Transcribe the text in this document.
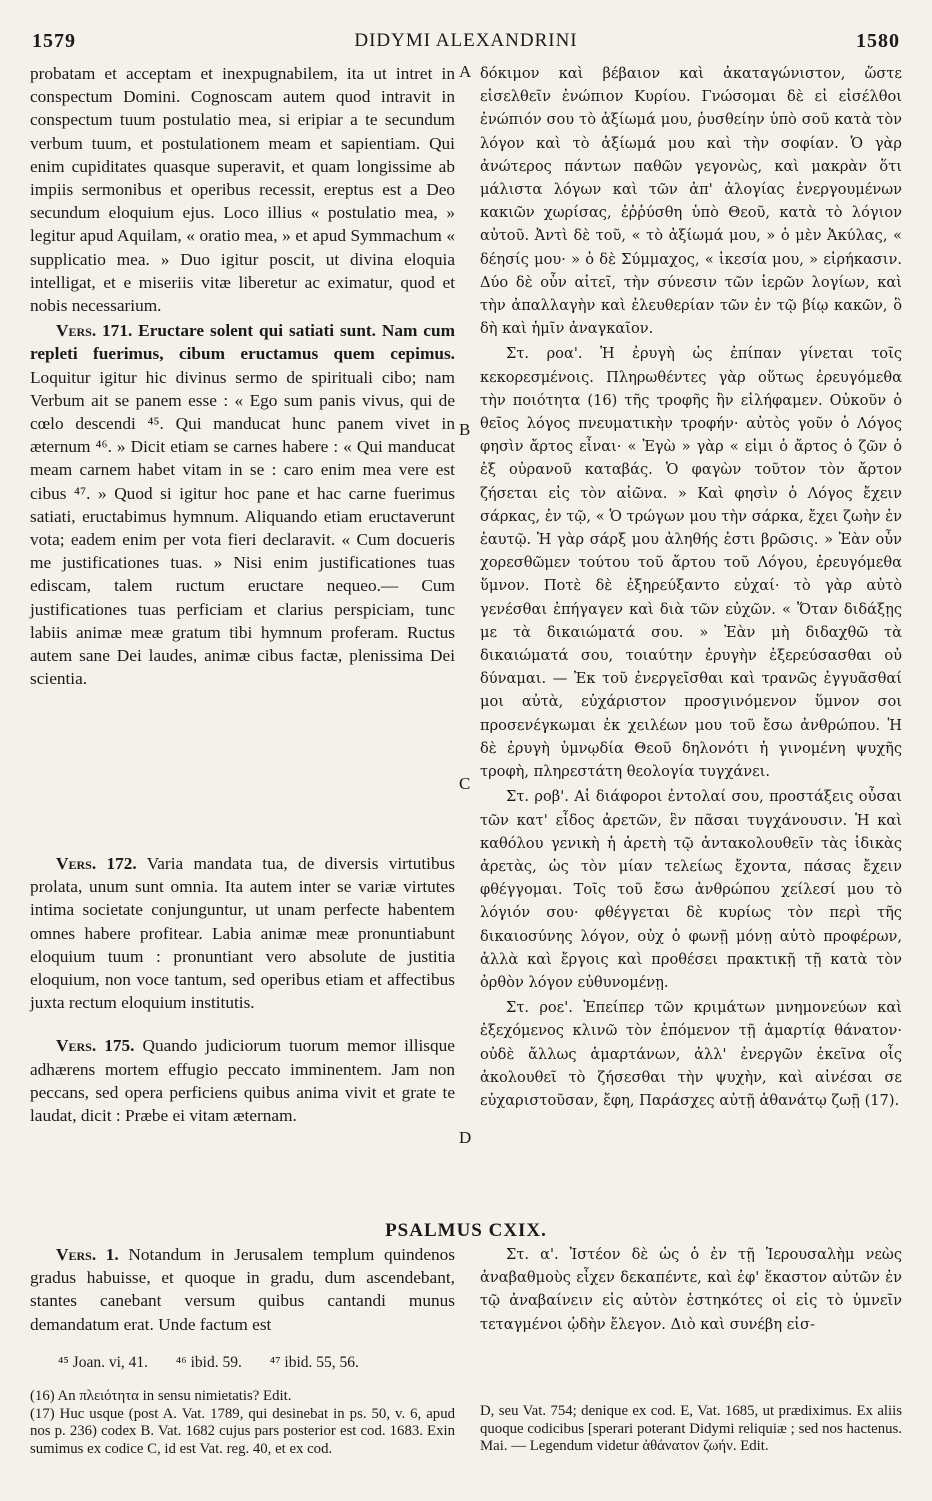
1579	DIDYMI ALEXANDRINI	1580
A
B
C
D

probatam et acceptam et inexpugnabilem, ita ut intret in conspectum Domini. Cognoscam autem quod intravit in conspectum tuum postulatio mea, si eripiar a te secundum verbum tuum, et postulationem meam et sapientiam. Qui enim cupiditates quasque superavit, et quam longissime ab impiis sermonibus et operibus recessit, ereptus est a Deo secundum eloquium ejus. Loco illius « postulatio mea, » legitur apud Aquilam, « oratio mea, » et apud Symmachum « supplicatio mea. » Duo igitur poscit, ut divina eloquia intelligat, et e miseriis vitæ liberetur ac eximatur, quod et nobis necessarium.

Vers. 171. Eructare solent qui satiati sunt. Nam cum repleti fuerimus, cibum eructamus quem cepimus. Loquitur igitur hic divinus sermo de spirituali cibo; nam Verbum ait se panem esse : « Ego sum panis vivus, qui de cœlo descendi ⁴⁵. Qui manducat hunc panem vivet in æternum ⁴⁶. » Dicit etiam se carnes habere : « Qui manducat meam carnem habet vitam in se : caro enim mea vere est cibus ⁴⁷. » Quod si igitur hoc pane et hac carne fuerimus satiati, eructabimus hymnum. Aliquando etiam eructaverunt vota; eadem enim per vota fieri declaravit. « Cum docueris me justificationes tuas. » Nisi enim justificationes tuas ediscam, talem ructum eructare nequeo.— Cum justificationes tuas perficiam et clarius perspiciam, tunc labiis animæ meæ gratum tibi hymnum proferam. Ructus autem sane Dei laudes, animæ cibus factæ, plenissima Dei scientia.

Vers. 172. Varia mandata tua, de diversis virtutibus prolata, unum sunt omnia. Ita autem inter se variæ virtutes intima societate conjunguntur, ut unam perfecte habentem omnes habere profitear. Labia animæ meæ pronuntiabunt eloquium tuum : pronuntiant vero absolute de justitia eloquium, non voce tantum, sed operibus etiam et affectibus juxta rectum eloquium institutis.

Vers. 175. Quando judiciorum tuorum memor illisque adhærens mortem effugio peccato imminentem. Jam non peccans, sed opera perficiens quibus anima vivit et grate te laudat, dicit : Præbe ei vitam æternam.

Vers. 1. Notandum in Jerusalem templum quindenos gradus habuisse, et quoque in gradu, dum ascendebant, stantes canebant versum quibus cantandi munus demandatum erat. Unde factum est

δόκιμον καὶ βέβαιον καὶ ἀκαταγώνιστον, ὥστε εἰσελθεῖν ἐνώπιον Κυρίου. Γνώσομαι δὲ εἰ εἰσέλθοι ἐνώπιόν σου τὸ ἀξίωμά μου, ῥυσθείην ὑπὸ σοῦ κατὰ τὸν λόγον καὶ τὸ ἀξίωμά μου καὶ τὴν σοφίαν. Ὁ γὰρ ἀνώτερος πάντων παθῶν γεγονὼς, καὶ μακρὰν ὅτι μάλιστα λόγων καὶ τῶν ἀπ' ἀλογίας ἐνεργουμένων κακιῶν χωρίσας, ἐῤῥύσθη ὑπὸ Θεοῦ, κατὰ τὸ λόγιον αὐτοῦ. Ἀντὶ δὲ τοῦ, « τὸ ἀξίωμά μου, » ὁ μὲν Ἀκύλας, « δέησίς μου· » ὁ δὲ Σύμμαχος, « ἱκεσία μου, » εἰρήκασιν. Δύο δὲ οὖν αἰτεῖ, τὴν σύνεσιν τῶν ἱερῶν λογίων, καὶ τὴν ἀπαλλαγὴν καὶ ἐλευθερίαν τῶν ἐν τῷ βίῳ κακῶν, ὃ δὴ καὶ ἡμῖν ἀναγκαῖον.

Στ. ροα'. Ἡ ἐρυγὴ ὡς ἐπίπαν γίνεται τοῖς κεκορεσμένοις. Πληρωθέντες γὰρ οὕτως ἐρευγόμεθα τὴν ποιότητα (16) τῆς τροφῆς ἣν εἰλήφαμεν. Οὐκοῦν ὁ θεῖος λόγος πνευματικὴν τροφήν· αὐτὸς γοῦν ὁ Λόγος φησὶν ἄρτος εἶναι· « Ἐγὼ » γὰρ « εἰμι ὁ ἄρτος ὁ ζῶν ὁ ἐξ οὐρανοῦ καταβάς. Ὁ φαγὼν τοῦτον τὸν ἄρτον ζήσεται εἰς τὸν αἰῶνα. » Καὶ φησὶν ὁ Λόγος ἔχειν σάρκας, ἐν τῷ, « Ὁ τρώγων μου τὴν σάρκα, ἔχει ζωὴν ἐν ἑαυτῷ. Ἡ γὰρ σάρξ μου ἀληθής ἐστι βρῶσις. » Ἐὰν οὖν χορεσθῶμεν τούτου τοῦ ἄρτου τοῦ Λόγου, ἐρευγόμεθα ὕμνον. Ποτὲ δὲ ἐξηρεύξαντο εὐχαί· τὸ γὰρ αὐτὸ γενέσθαι ἐπήγαγεν καὶ διὰ τῶν εὐχῶν. « Ὅταν διδάξῃς με τὰ δικαιώματά σου. » Ἐὰν μὴ διδαχθῶ τὰ δικαιώματά σου, τοιαύτην ἐρυγὴν ἐξερεύσασθαι οὐ δύναμαι. — Ἐκ τοῦ ἐνεργεῖσθαι καὶ τρανῶς ἐγγυᾶσθαί μοι αὐτὰ, εὐχάριστον προσγινόμενον ὕμνον σοι προσενέγκωμαι ἐκ χειλέων μου τοῦ ἔσω ἀνθρώπου. Ἡ δὲ ἐρυγὴ ὑμνῳδία Θεοῦ δηλονότι ἡ γινομένη ψυχῆς τροφὴ, πληρεστάτη θεολογία τυγχάνει.

Στ. ροβ'. Αἱ διάφοροι ἐντολαί σου, προστάξεις οὖσαι τῶν κατ' εἶδος ἀρετῶν, ἓν πᾶσαι τυγχάνουσιν. Ἡ καὶ καθόλου γενικὴ ἡ ἀρετὴ τῷ ἀντακολουθεῖν τὰς ἰδικὰς ἀρετὰς, ὡς τὸν μίαν τελείως ἔχοντα, πάσας ἔχειν φθέγγομαι. Τοῖς τοῦ ἔσω ἀνθρώπου χείλεσί μου τὸ λόγιόν σου· φθέγγεται δὲ κυρίως τὸν περὶ τῆς δικαιοσύνης λόγον, οὐχ ὁ φωνῇ μόνῃ αὐτὸ προφέρων, ἀλλὰ καὶ ἔργοις καὶ προθέσει πρακτικῇ τῇ κατὰ τὸν ὀρθὸν λόγον εὐθυνομένῃ.

Στ. ροε'. Ἐπείπερ τῶν κριμάτων μνημονεύων καὶ ἐξεχόμενος κλινῶ τὸν ἐπόμενον τῇ ἁμαρτίᾳ θάνατον· οὐδὲ ἄλλως ἁμαρτάνων, ἀλλ' ἐνεργῶν ἐκεῖνα οἷς ἀκολουθεῖ τὸ ζήσεσθαι τὴν ψυχὴν, καὶ αἰνέσαι σε εὐχαριστοῦσαν, ἔφη, Παράσχες αὐτῇ ἀθανάτῳ ζωῇ (17).

PSALMUS CXIX.

Στ. α'. Ἰστέον δὲ ὡς ὁ ἐν τῇ Ἱερουσαλὴμ νεὼς ἀναβαθμοὺς εἶχεν δεκαπέντε, καὶ ἐφ' ἕκαστον αὐτῶν ἐν τῷ ἀναβαίνειν εἰς αὐτὸν ἑστηκότες οἱ εἰς τὸ ὑμνεῖν τεταγμένοι ᾠδὴν ἔλεγον. Διὸ καὶ συνέβη εἰσ-

⁴⁵ Joan. vi, 41. ⁴⁶ ibid. 59. ⁴⁷ ibid. 55, 56.

(16) An πλειότητα in sensu nimietatis? Edit.

(17) Huc usque (post A. Vat. 1789, qui desinebat in ps. 50, v. 6, apud nos p. 236) codex B. Vat. 1682 cujus pars posterior est cod. 1683. Exin sumimus ex codice C, id est Vat. reg. 40, et ex cod.

D, seu Vat. 754; denique ex cod. E, Vat. 1685, ut prædiximus. Ex aliis quoque codicibus [sperari poterant Didymi reliquiæ ; sed nos hactenus. Mai. — Legendum videtur ἀθάνατον ζωήν. Edit.
